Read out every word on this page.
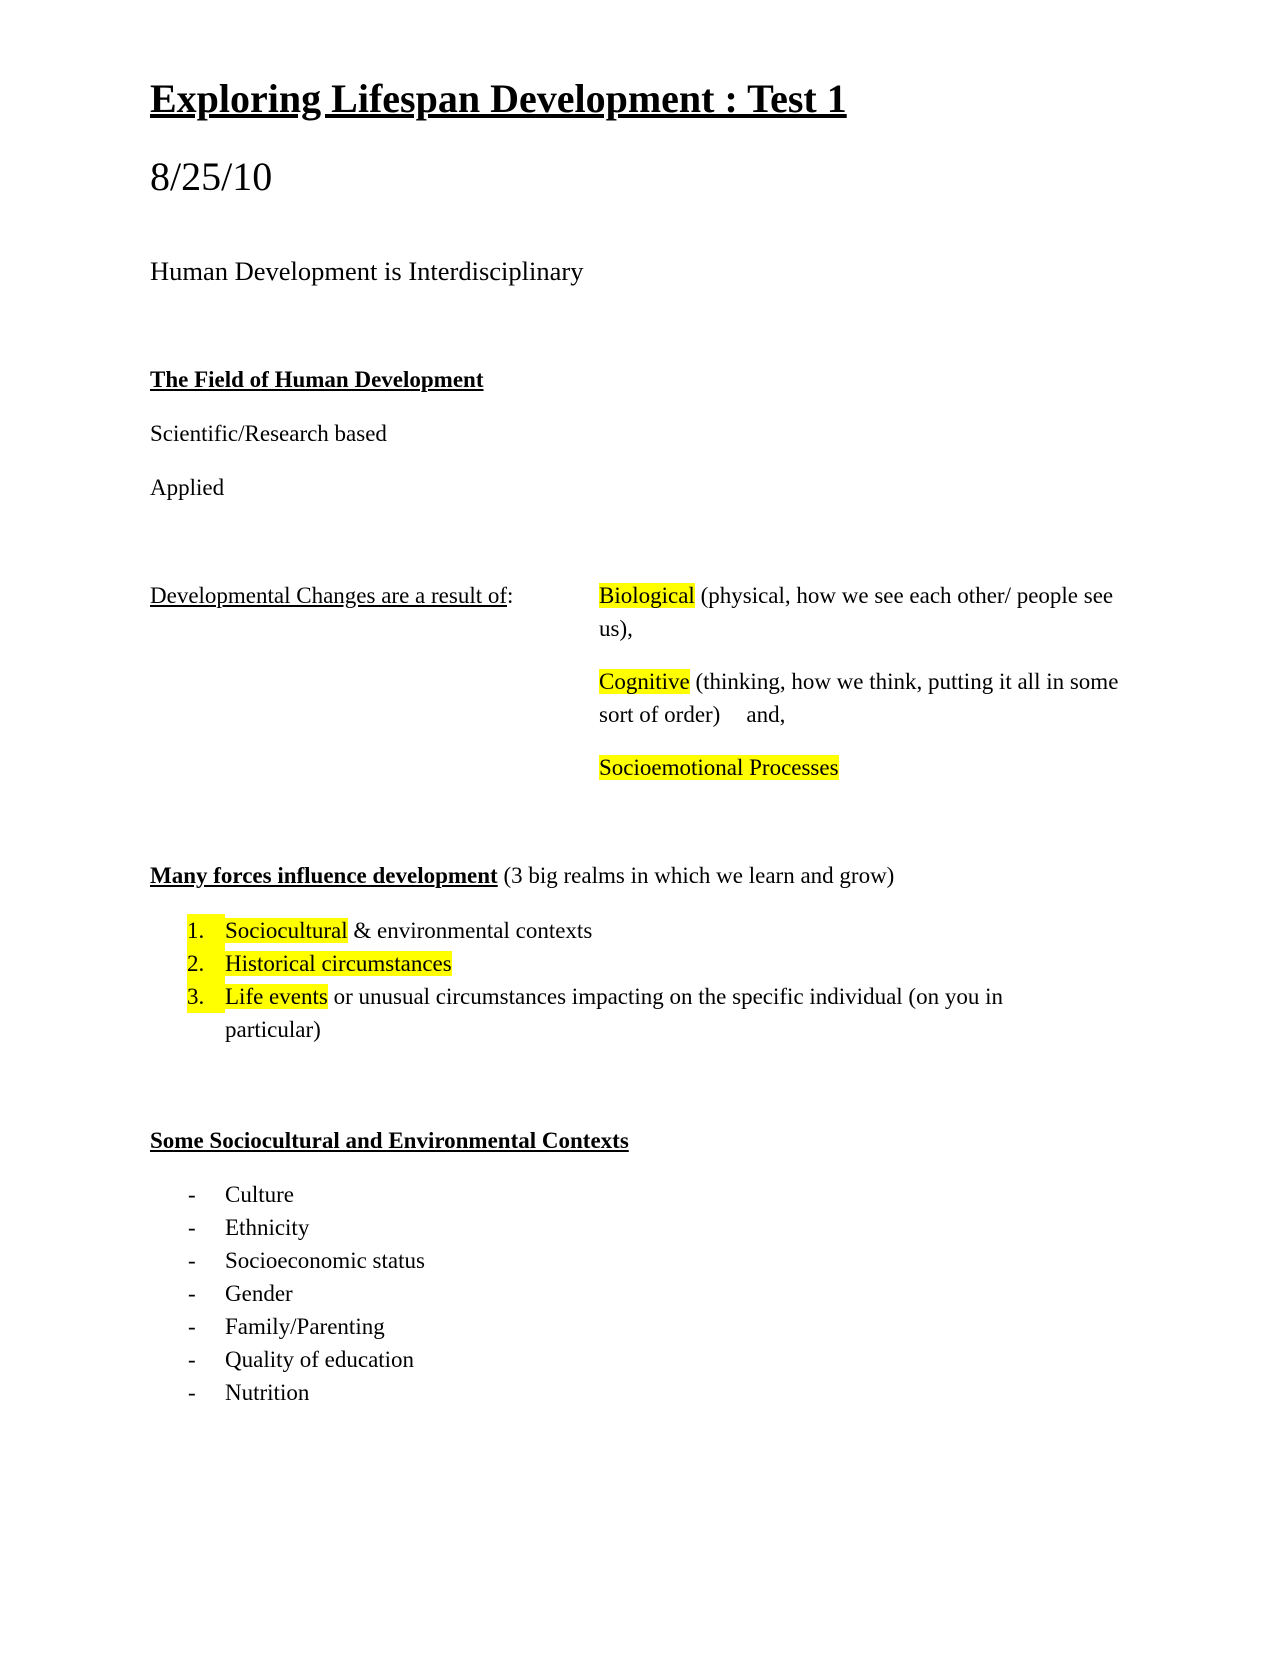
Exploring Lifespan Development : Test 1
8/25/10
Human Development is Interdisciplinary
The Field of Human Development
Scientific/Research based
Applied
Developmental Changes are a result of:	Biological (physical, how we see each other/ people see us),

Cognitive (thinking, how we think, putting it all in some sort of order) and,

Socioemotional Processes

Many forces influence development (3 big realms in which we learn and grow)
1. Sociocultural & environmental contexts
2. Historical circumstances
3. Life events or unusual circumstances impacting on the specific individual (on you in particular)
Some Sociocultural and Environmental Contexts
- Culture
- Ethnicity
- Socioeconomic status
- Gender
- Family/Parenting
- Quality of education
- Nutrition
